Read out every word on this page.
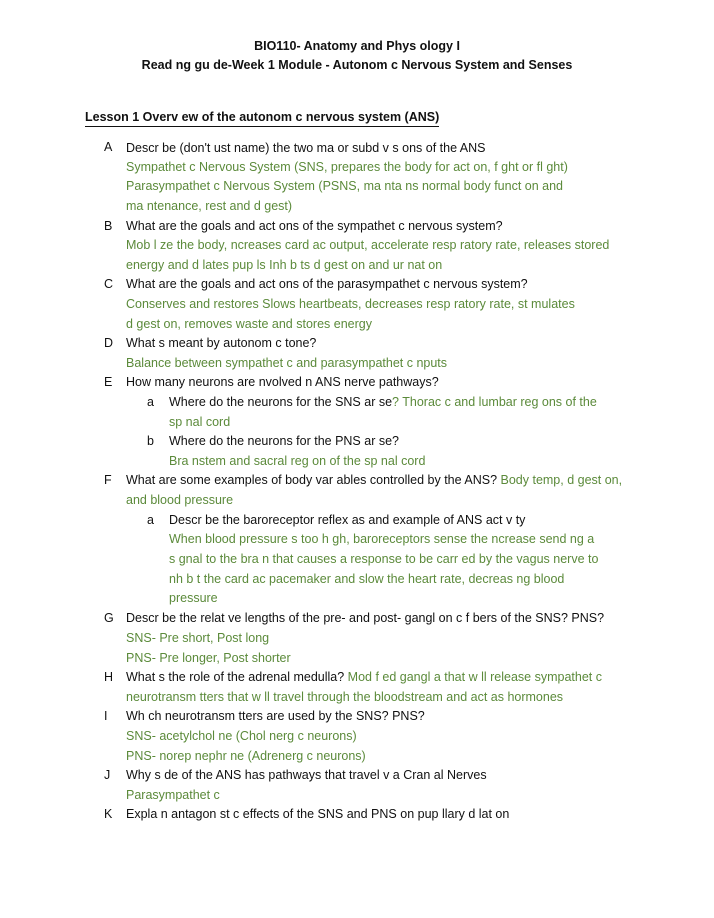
BIO110- Anatomy and Phys ology I
Read ng gu de-Week 1 Module - Autonom c Nervous System and Senses
Lesson 1 Overv ew of the autonom c nervous system (ANS)
A Descr be (don't ust name) the two ma or subd v s ons of the ANS
Sympathet c Nervous System (SNS, prepares the body for act on, f ght or fl ght)
Parasympathet c Nervous System (PSNS, ma nta ns normal body funct on and
ma ntenance, rest and d gest)
B What are the goals and act ons of the sympathet c nervous system?
Mob l ze the body, ncreases card ac output, accelerate resp ratory rate, releases stored
energy and d lates pup ls Inh b ts d gest on and ur nat on
C What are the goals and act ons of the parasympathet c nervous system?
Conserves and restores Slows heartbeats, decreases resp ratory rate, st mulates
d gest on, removes waste and stores energy
D What s meant by autonom c tone?
Balance between sympathet c and parasympathet c nputs
E How many neurons are nvolved n ANS nerve pathways?
a Where do the neurons for the SNS ar se? Thorac c and lumbar reg ons of the
sp nal cord
b Where do the neurons for the PNS ar se?
Bra nstem and sacral reg on of the sp nal cord
F What are some examples of body var ables controlled by the ANS? Body temp, d gest on,
and blood pressure
a Descr be the baroreceptor reflex as and example of ANS act v ty
When blood pressure s too h gh, baroreceptors sense the ncrease send ng a
s gnal to the bra n that causes a response to be carr ed by the vagus nerve to
nh b t the card ac pacemaker and slow the heart rate, decreas ng blood
pressure
G Descr be the relat ve lengths of the pre- and post- gangl on c f bers of the SNS? PNS?
SNS- Pre short, Post long
PNS- Pre longer, Post shorter
H What s the role of the adrenal medulla? Mod f ed gangl a that w ll release sympathet c
neurotransm tters that w ll travel through the bloodstream and act as hormones
I Wh ch neurotransm tters are used by the SNS? PNS?
SNS- acetylchol ne (Chol nerg c neurons)
PNS- norep nephr ne (Adrenerg c neurons)
J Why s de of the ANS has pathways that travel v a Cran al Nerves
Parasympathet c
K Expla n antagon st c effects of the SNS and PNS on pup llary d lat on
